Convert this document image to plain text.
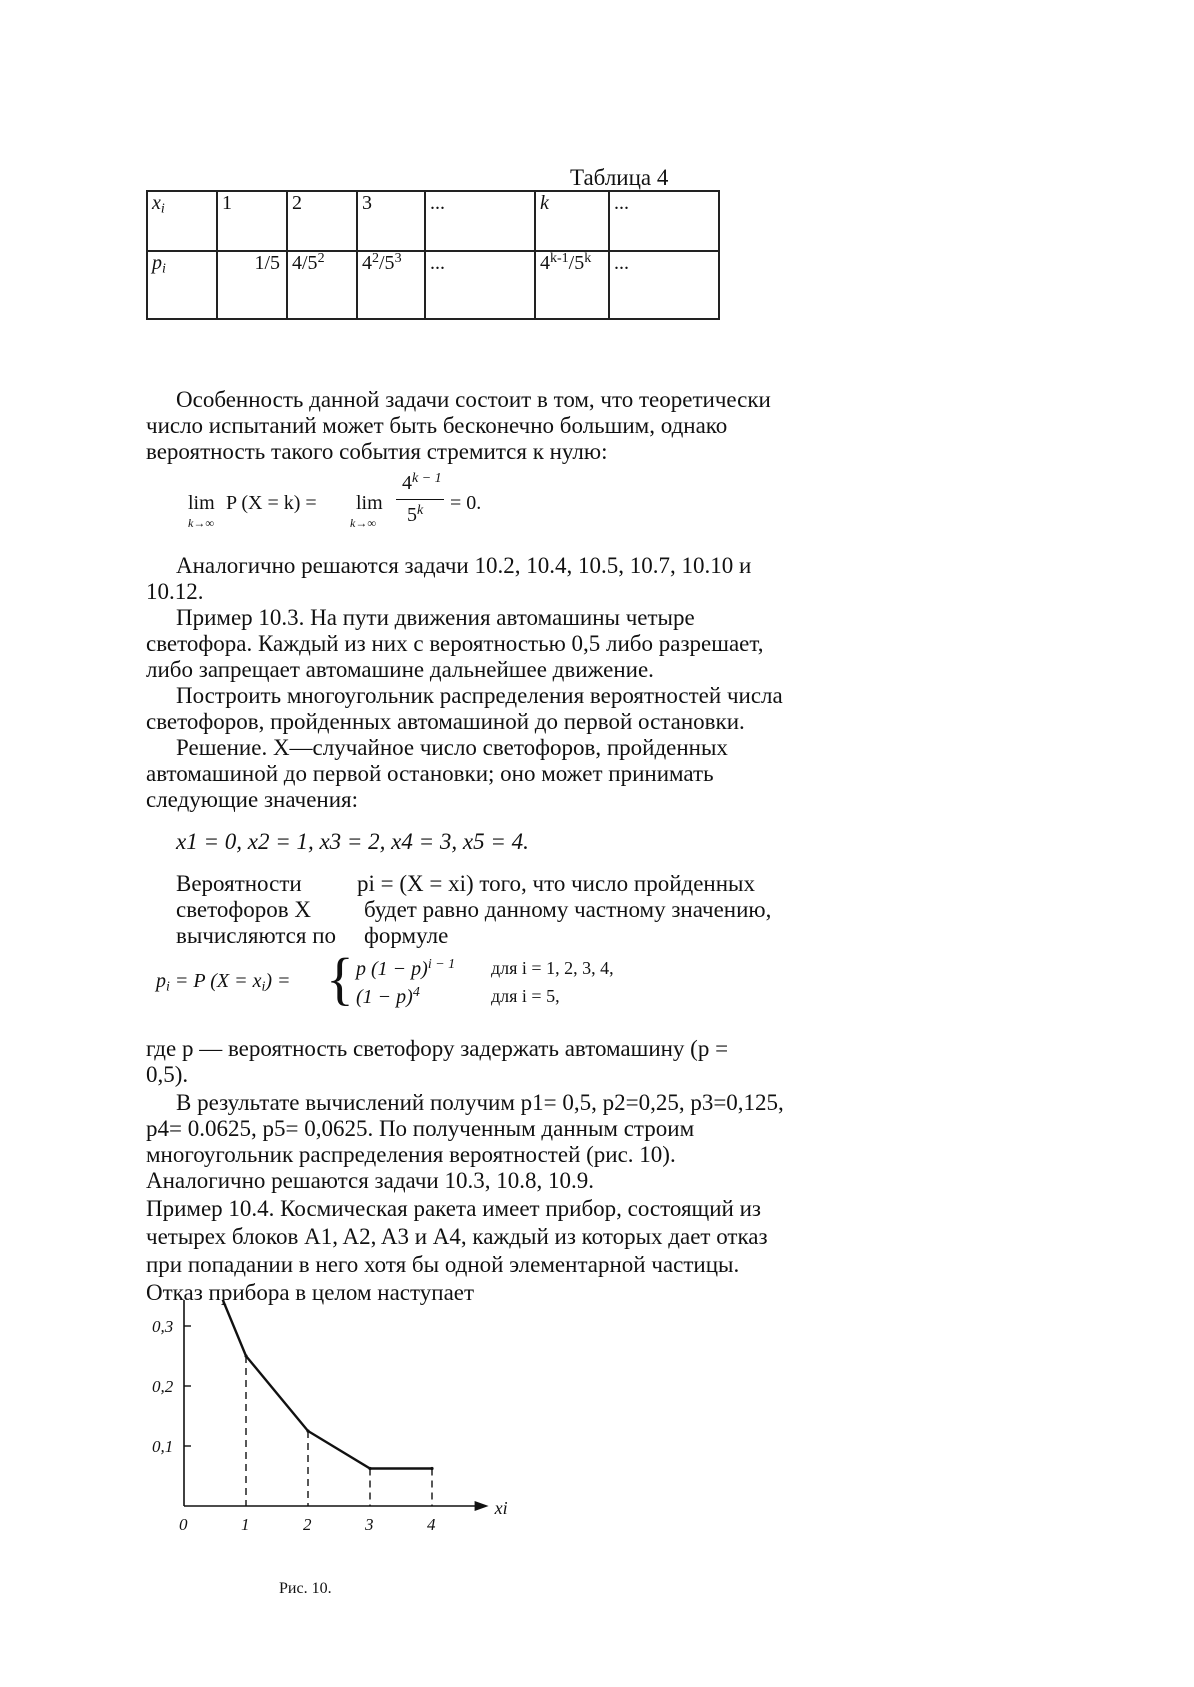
Таблица 4
$x_i$	1	2	3	...	k	...
$p_i$	1/5	$4/5^2$	$4^2/5^3$	...	4$^{k-1}$/5$^k$	...
Особенность данной задачи состоит в том, что теоретически
число испытаний может быть бесконечно большим, однако
вероятность такого события стремится к нулю:
lim
k→∞
P (X = k) = lim
k→∞
$4^{k - 1}$
$5^k = 0$.
Аналогично решаются задачи 10.2, 10.4, 10.5, 10.7, 10.10 и
10.12.
Пример 10.3. На пути движения автомашины четыре
светофора. Каждый из них с вероятностью 0,5 либо разрешает,
либо запрещает автомашине дальнейшее движение.
Построить многоугольник распределения вероятностей числа
светофоров, пройденных автомашиной до первой остановки.
Решение. X—случайное число светофоров, пройденных
автомашиной до первой остановки; оно может принимать
следующие значения:
x1 = 0, x2 = 1, x3 = 2, x4 = 3, x5 = 4.
Вероятности
светофоров X
вычисляются по
pi = (X = xi) того, что число пройденных
будет равно данному частному значению,
формуле
$p_i = P$ $(X = x_i)$ = { p $(1 - p)^{i - 1}$ для i = 1, 2, 3, 4,
$(1 - p)^4$	для i = 5,
где p — вероятность светофору задержать автомашину (p =
0,5).
В результате вычислений получим p1= 0,5, p2=0,25, p3=0,125,
p4= 0.0625, p5= 0,0625. По полученным данным строим
многоугольник распределения вероятностей (рис. 10).
Аналогично решаются задачи 10.3, 10.8, 10.9.
Пример 10.4. Космическая ракета имеет прибор, состоящий из
четырех блоков A1, A2, A3 и A4, каждый из которых дает отказ
при попадании в него хотя бы одной элементарной частицы.
Отказ прибора в целом наступает
0,3
0,2
0,1
0	1	2	3	4
xi
Рис. 10.
